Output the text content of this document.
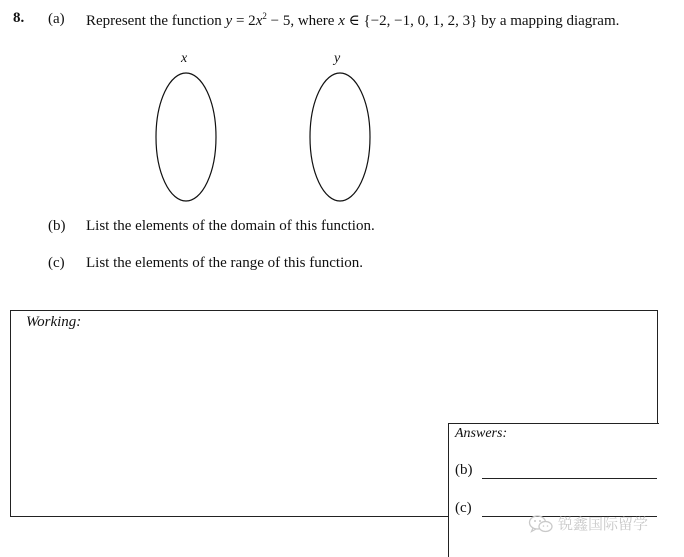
8. (a) Represent the function $y = 2x^2 - 5$, where x ∈ {−2, −1, 0, 1, 2, 3} by a mapping diagram.
x	y
(b) List the elements of the domain of this function.
(c) List the elements of the range of this function.
Working:
Answers:
(b)
(c)
锐鑫国际留学
